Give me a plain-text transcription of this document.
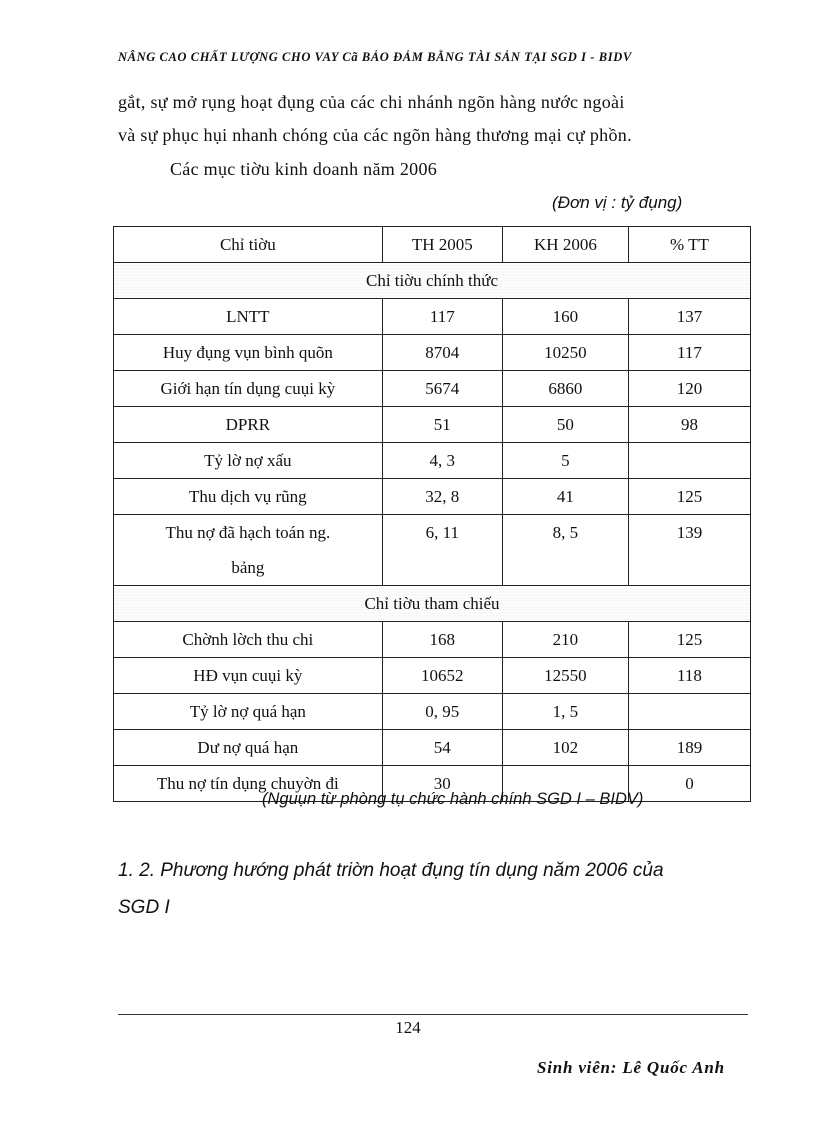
NÂNG CAO CHẤT LƯỢNG CHO VAY Cã BẢO ĐẢM BẰNG TÀI SẢN TẠI SGD I - BIDV
gắt, sự mở rụng hoạt đụng của các chi nhánh ngõn hàng nước ngoài
và sự phục hụi nhanh chóng của các ngõn hàng thương mại cự phồn.
Các mục tiờu kinh doanh năm 2006
(Đơn vị : tỷ đụng)
Chỉ tiờu	TH 2005	KH 2006	% TT
Chỉ tiờu chính thức			
LNTT	117	160	137
Huy đụng vụn bình quõn	8704	10250	117
Giới hạn tín dụng cuụi kỳ	5674	6860	120
DPRR	51	50	98
Tỷ lờ nợ xấu	4, 3	5	
Thu dịch vụ rũng	32, 8	41	125

Thu nợ đã hạch toán ng.
bảng	6, 11	8, 5	139
Chỉ tiờu tham chiếu			
Chờnh lờch thu chi	168	210	125
HĐ vụn cuụi kỳ	10652	12550	118
Tỷ lờ nợ quá hạn	0, 95	1, 5	
Dư nợ quá hạn	54	102	189
Thu nợ tín dụng chuyờn đi	30		0
(Nguụn từ phòng tụ chức hành chính SGD I – BIDV)
1. 2. Phương hướng phát triờn hoạt đụng tín dụng năm 2006 của
SGD I
124
Sinh viên: Lê Quốc Anh
